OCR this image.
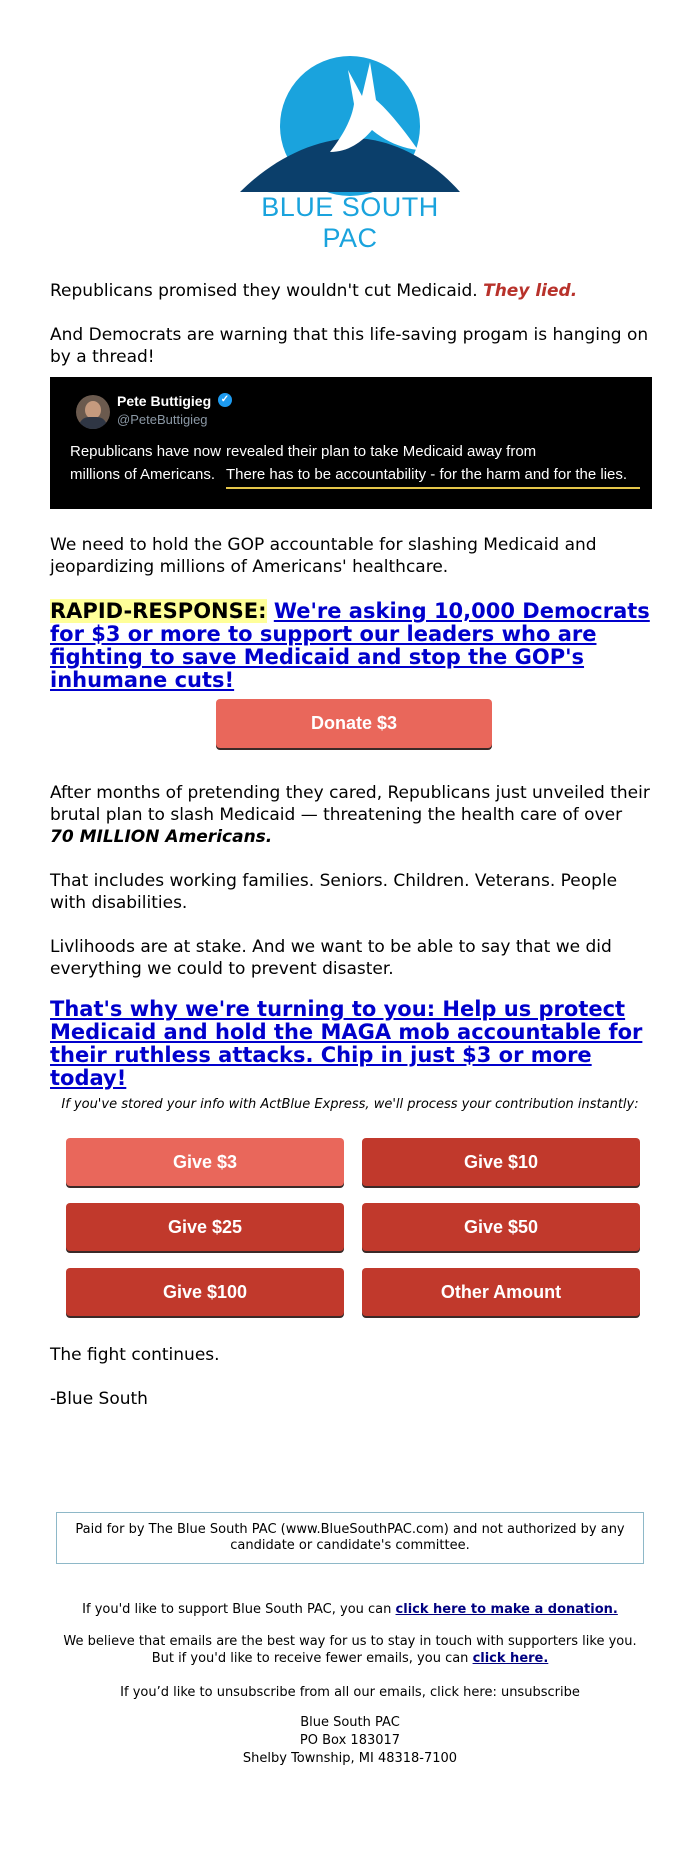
BLUE SOUTH PAC
Republicans promised they wouldn't cut Medicaid. They lied.
And Democrats are warning that this life-saving progam is hanging on by a thread!
Pete Buttigieg ✓
@PeteButtigieg
Republicans have now
millions of Americans.
revealed their plan to take Medicaid away from
There has to be accountability - for the harm and for the lies.
We need to hold the GOP accountable for slashing Medicaid and jeopardizing millions of Americans' healthcare.
RAPID-RESPONSE: We're asking 10,000 Democrats for $3 or more to support our leaders who are fighting to save Medicaid and stop the GOP's inhumane cuts!
Donate $3
After months of pretending they cared, Republicans just unveiled their brutal plan to slash Medicaid — threatening the health care of over 70 MILLION Americans.
That includes working families. Seniors. Children. Veterans. People with disabilities.
Livlihoods are at stake. And we want to be able to say that we did everything we could to prevent disaster.
That's why we're turning to you: Help us protect Medicaid and hold the MAGA mob accountable for their ruthless attacks. Chip in just $3 or more today!
If you've stored your info with ActBlue Express, we'll process your contribution instantly:
Give $3	Give $10
Give $25	Give $50
Give $100	Other Amount
The fight continues.
-Blue South
Paid for by The Blue South PAC (www.BlueSouthPAC.com) and not authorized by any candidate or candidate's committee.
If you'd like to support Blue South PAC, you can click here to make a donation.
We believe that emails are the best way for us to stay in touch with supporters like you. But if you'd like to receive fewer emails, you can click here.
If you’d like to unsubscribe from all our emails, click here: unsubscribe
Blue South PAC
PO Box 183017
Shelby Township, MI 48318-7100
